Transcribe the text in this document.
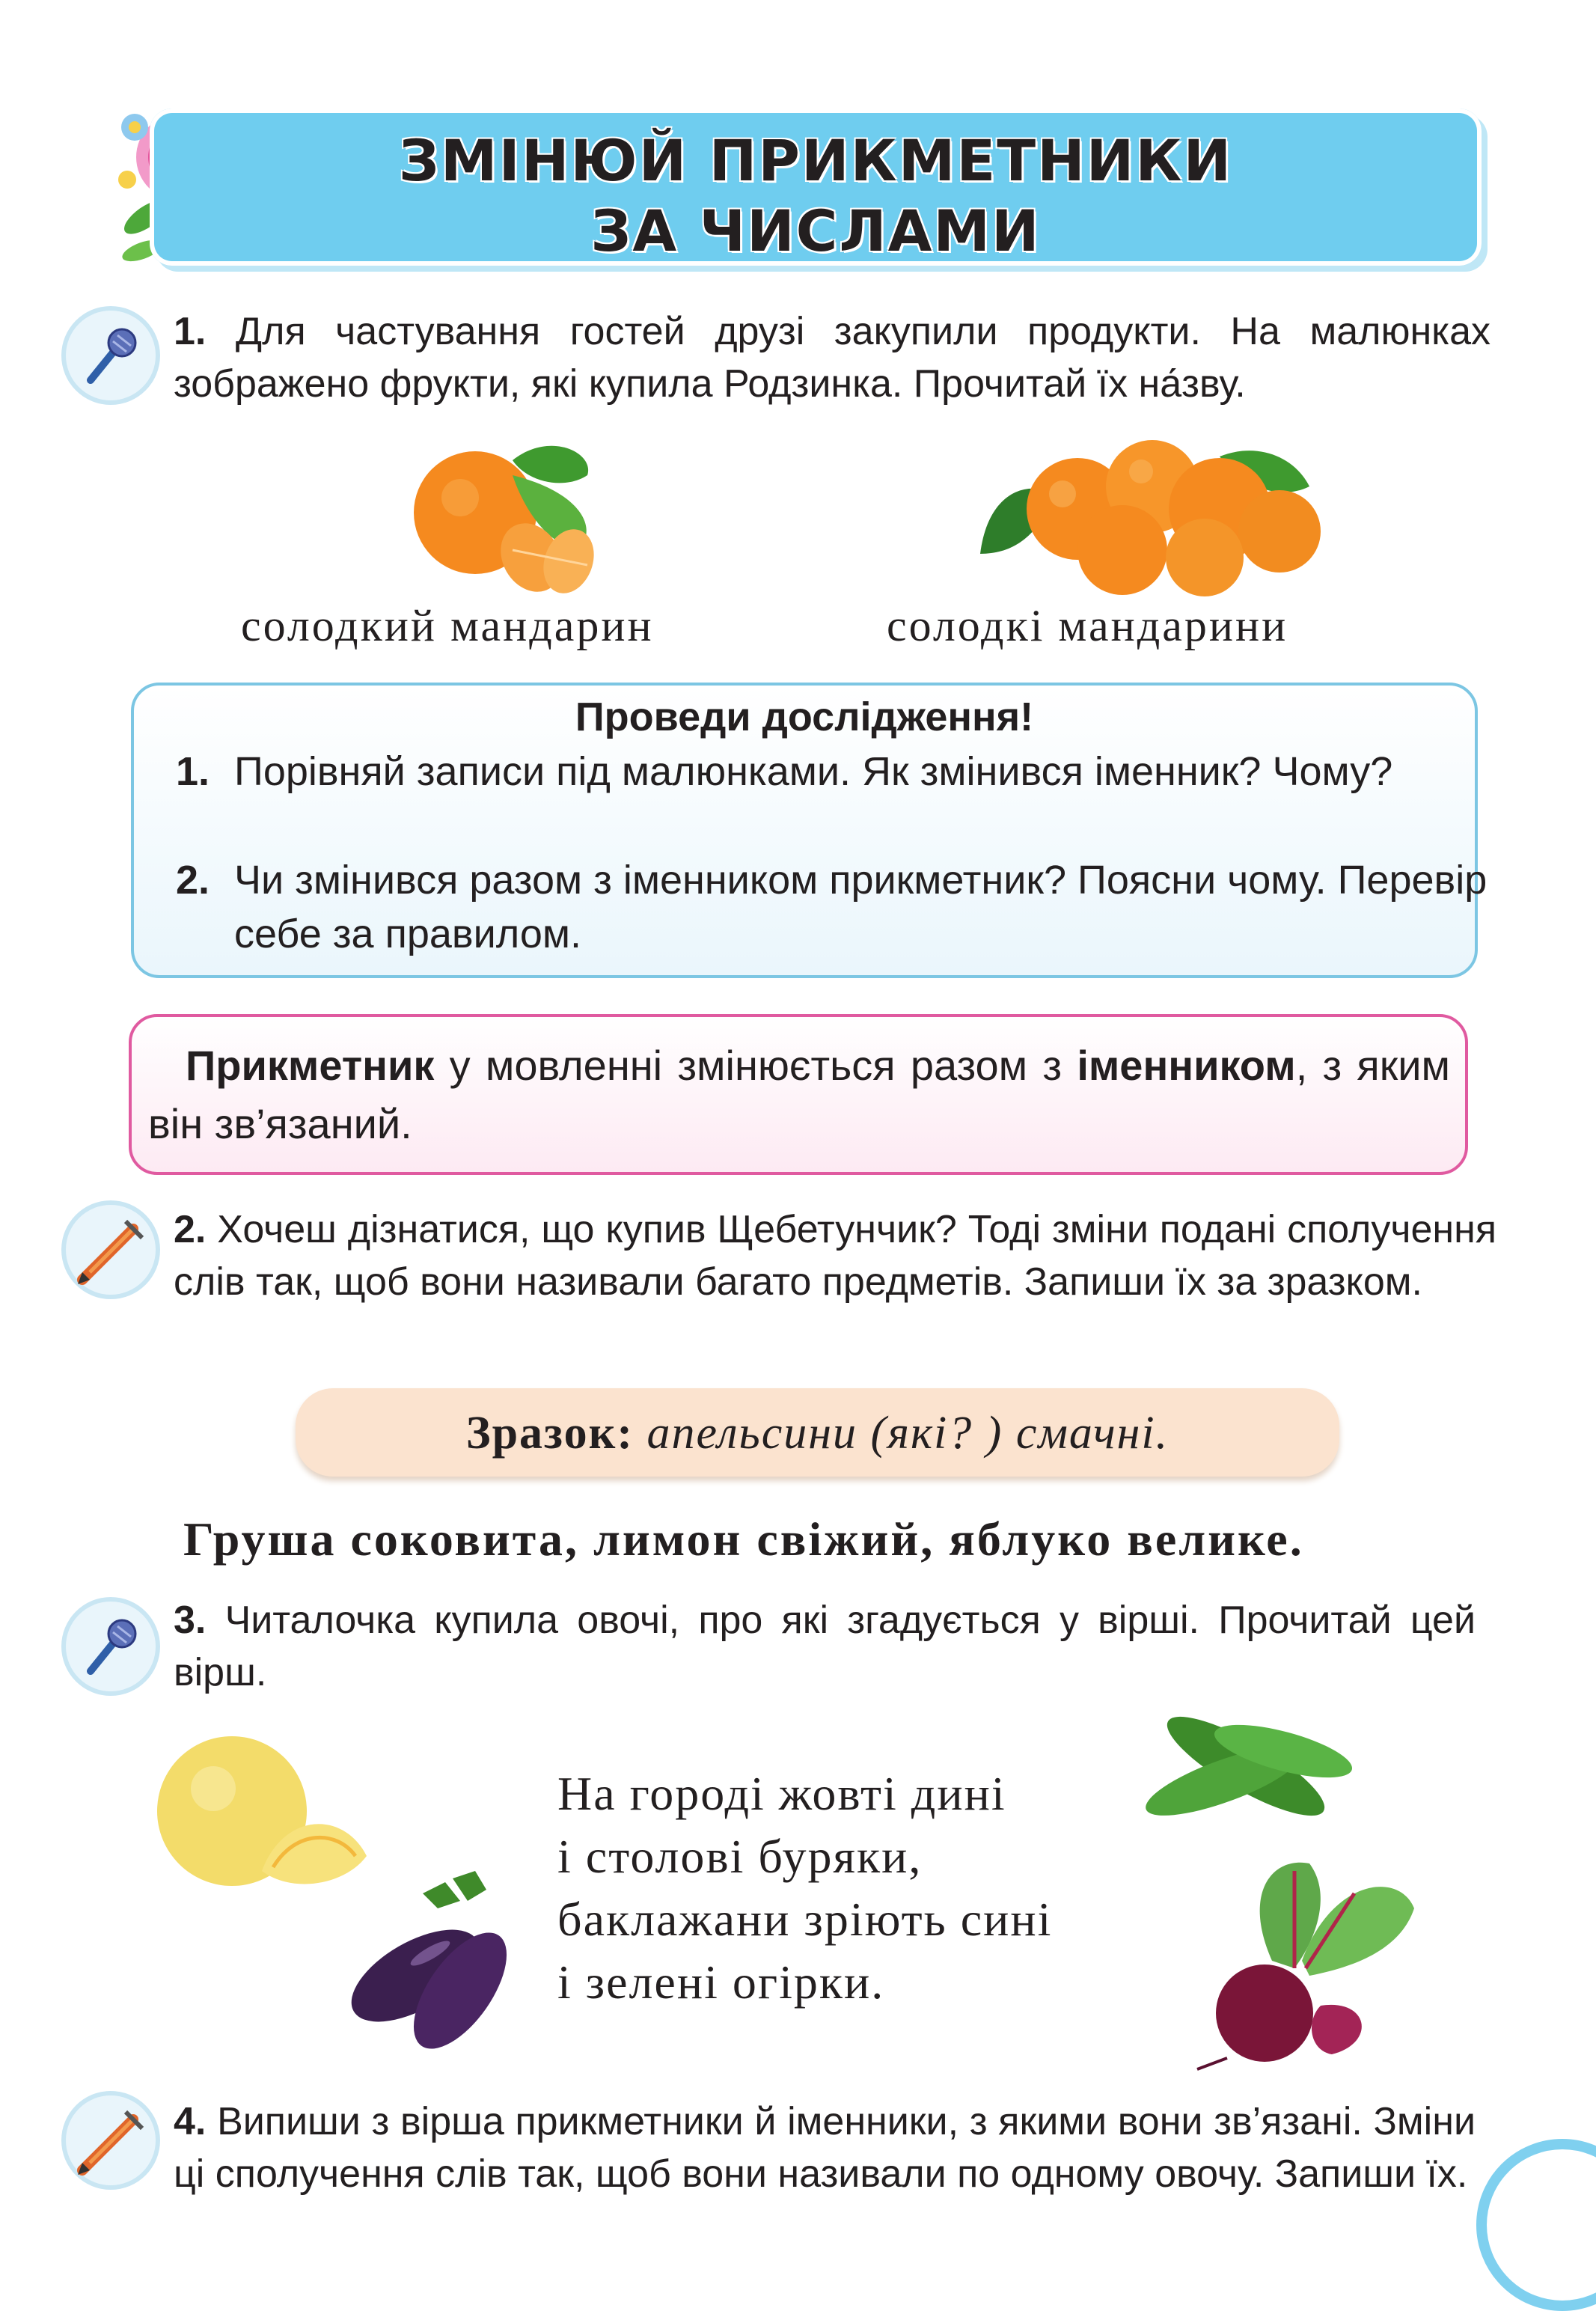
ЗМІНЮЙ ПРИКМЕТНИКИ
ЗА ЧИСЛАМИ
1. Для частування гостей друзі закупили продукти. На малюнках зображено фрукти, які купила Родзинка. Прочитай їх на́зву.
солодкий мандарин	солодкі мандарини
Проведи дослідження!
1. Порівняй записи під малюнками. Як змінився іменник? Чому?
2. Чи змінився разом з іменником прикметник? Поясни чому. Перевір себе за правилом.
Прикметник у мовленні змінюється разом з іменником, з яким він зв’язаний.
2. Хочеш дізнатися, що купив Щебетунчик? Тоді зміни подані сполучення слів так, щоб вони називали багато предметів. Запиши їх за зразком.
Зразок: апельсини (які? ) смачні.
Груша соковита, лимон свіжий, яблуко велике.
3. Читалочка купила овочі, про які згадується у вірші. Прочитай цей вірш.
На городі жовті дині
і столові буряки,
баклажани зріють сині
і зелені огірки.
4. Випиши з вірша прикметники й іменники, з якими вони зв’язані. Зміни ці сполучення слів так, щоб вони називали по одному овочу. Запиши їх.
